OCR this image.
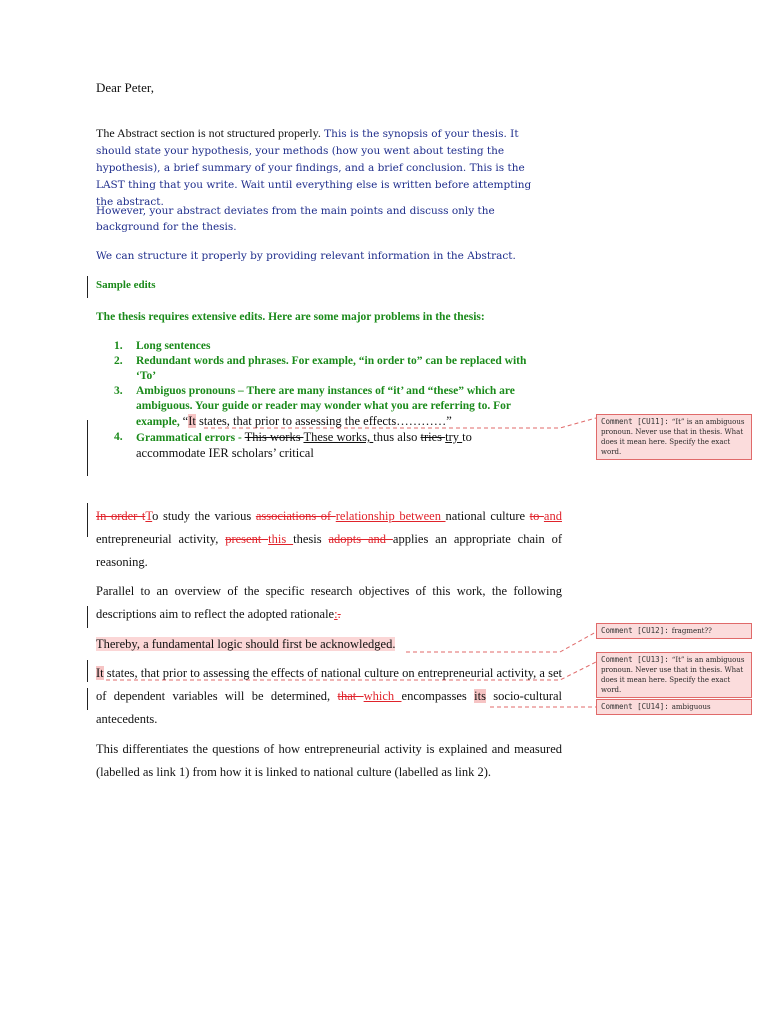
Dear Peter,
The Abstract section is not structured properly. This is the synopsis of your thesis. It should state your hypothesis, your methods (how you went about testing the hypothesis), a brief summary of your findings, and a brief conclusion. This is the LAST thing that you write. Wait until everything else is written before attempting the abstract.
However, your abstract deviates from the main points and discuss only the background for the thesis.
We can structure it properly by providing relevant information in the Abstract.
Sample edits
The thesis requires extensive edits. Here are some major problems in the thesis:
1. Long sentences
2. Redundant words and phrases. For example, “in order to” can be replaced with ‘To’
3. Ambiguos pronouns – There are many instances of “it’ and “these” which are ambiguous. Your guide or reader may wonder what you are referring to. For example, “It states, that prior to assessing the effects…………”
4. Grammatical errors - This works These works, thus also tries try to
accommodate IER scholars’ critical
In order tTo study the various associations of relationship between national culture to and entrepreneurial activity, present this thesis adopts and applies an appropriate chain of reasoning.
Parallel to an overview of the specific research objectives of this work, the following descriptions aim to reflect the adopted rationale:.
Thereby, a fundamental logic should first be acknowledged.
It states, that prior to assessing the effects of national culture on entrepreneurial activity, a set of dependent variables will be determined, that which encompasses its socio-cultural antecedents.
This differentiates the questions of how entrepreneurial activity is explained and measured (labelled as link 1) from how it is linked to national culture (labelled as link 2).
Comment [CU11]: “It” is an ambiguous pronoun. Never use that in thesis. What does it mean here. Specify the exact word.
Comment [CU12]: fragment??
Comment [CU13]: “It” is an ambiguous pronoun. Never use that in thesis. What does it mean here. Specify the exact word.
Comment [CU14]: ambiguous
